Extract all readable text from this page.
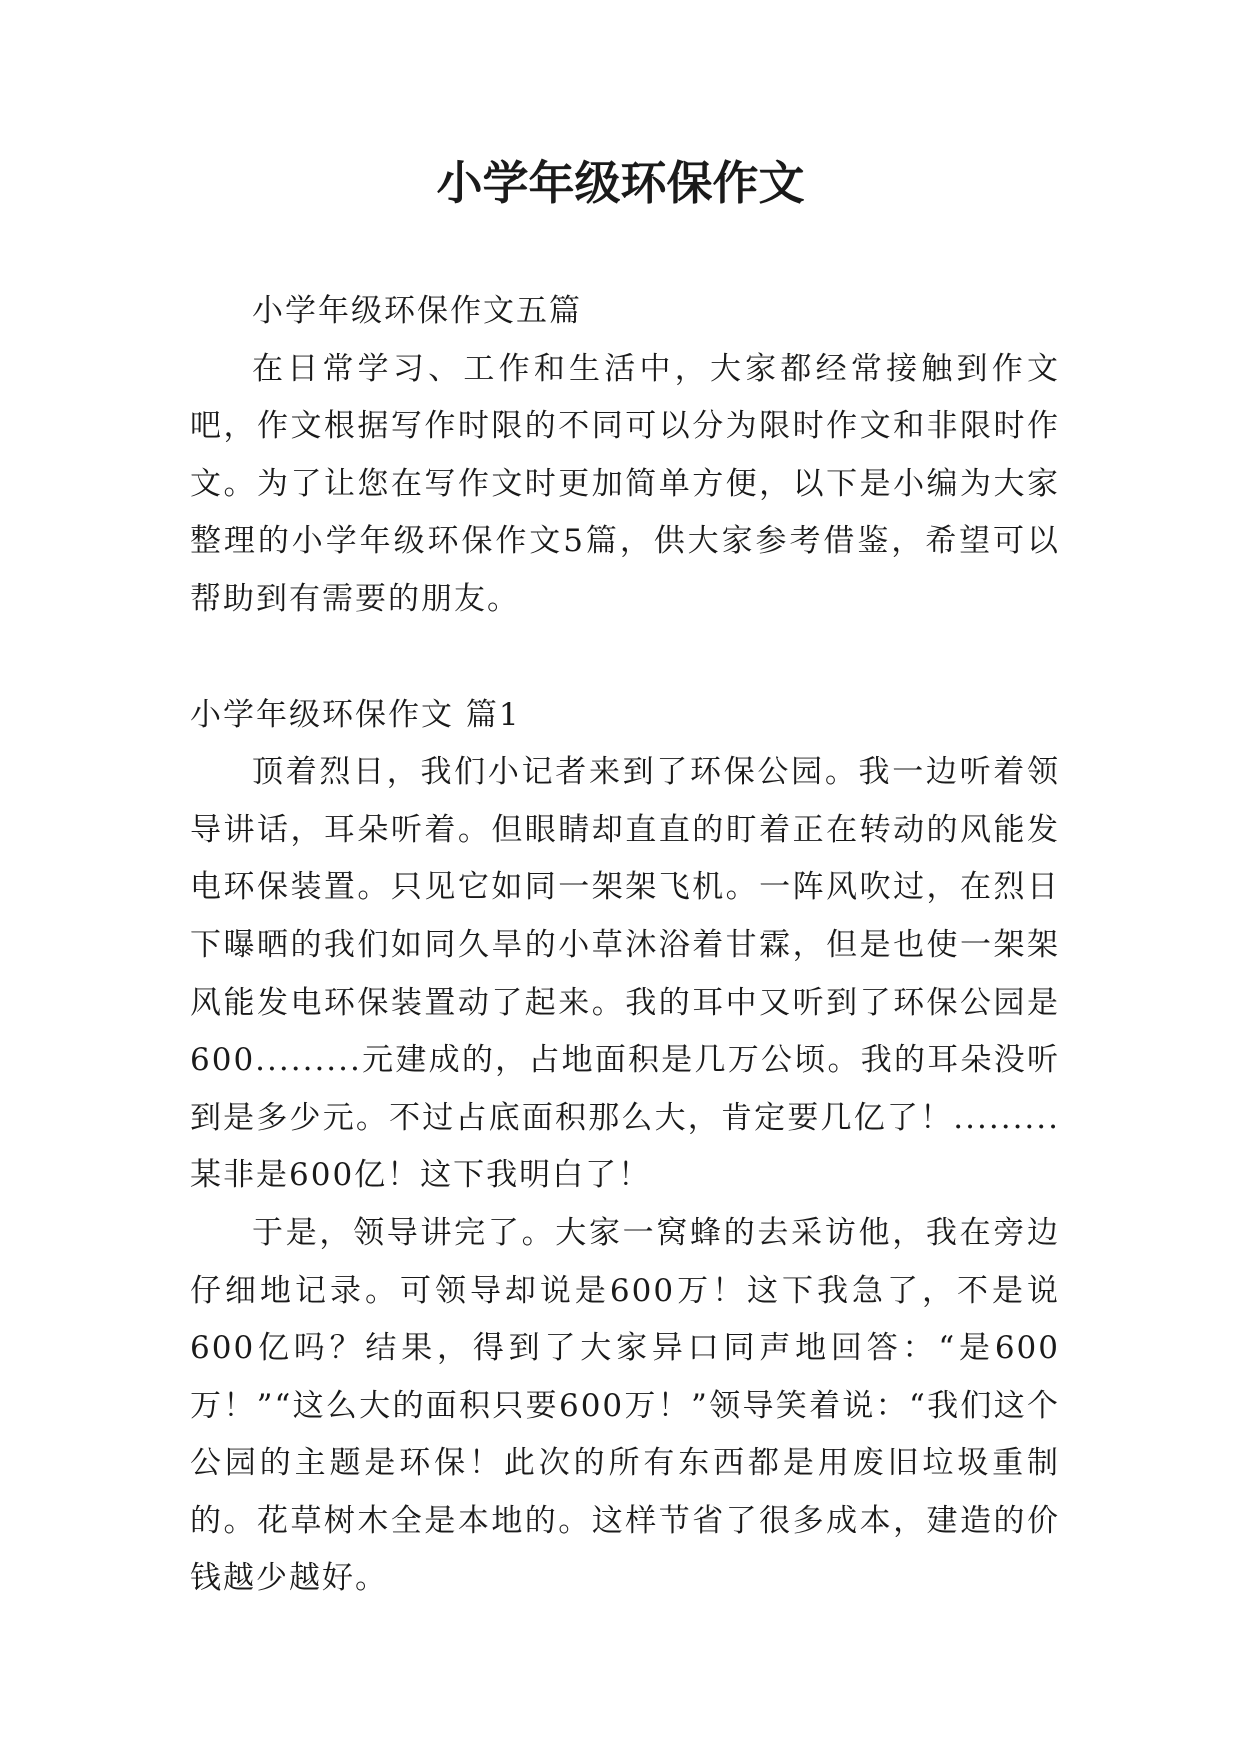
小学年级环保作文

小学年级环保作文五篇

在日常学习、工作和生活中，大家都经常接触到作文吧，作文根据写作时限的不同可以分为限时作文和非限时作文。为了让您在写作文时更加简单方便，以下是小编为大家整理的小学年级环保作文5篇，供大家参考借鉴，希望可以帮助到有需要的朋友。

小学年级环保作文 篇1

顶着烈日，我们小记者来到了环保公园。我一边听着领导讲话，耳朵听着。但眼睛却直直的盯着正在转动的风能发电环保装置。只见它如同一架架飞机。一阵风吹过，在烈日下曝晒的我们如同久旱的小草沐浴着甘霖，但是也使一架架风能发电环保装置动了起来。我的耳中又听到了环保公园是600.........元建成的，占地面积是几万公顷。我的耳朵没听到是多少元。不过占底面积那么大，肯定要几亿了！.........某非是600亿！这下我明白了！

于是，领导讲完了。大家一窝蜂的去采访他，我在旁边仔细地记录。可领导却说是600万！这下我急了，不是说600亿吗？结果，得到了大家异口同声地回答：“是600万！”“这么大的面积只要600万！”领导笑着说：“我们这个公园的主题是环保！此次的所有东西都是用废旧垃圾重制的。花草树木全是本地的。这样节省了很多成本，建造的价钱越少越好。
